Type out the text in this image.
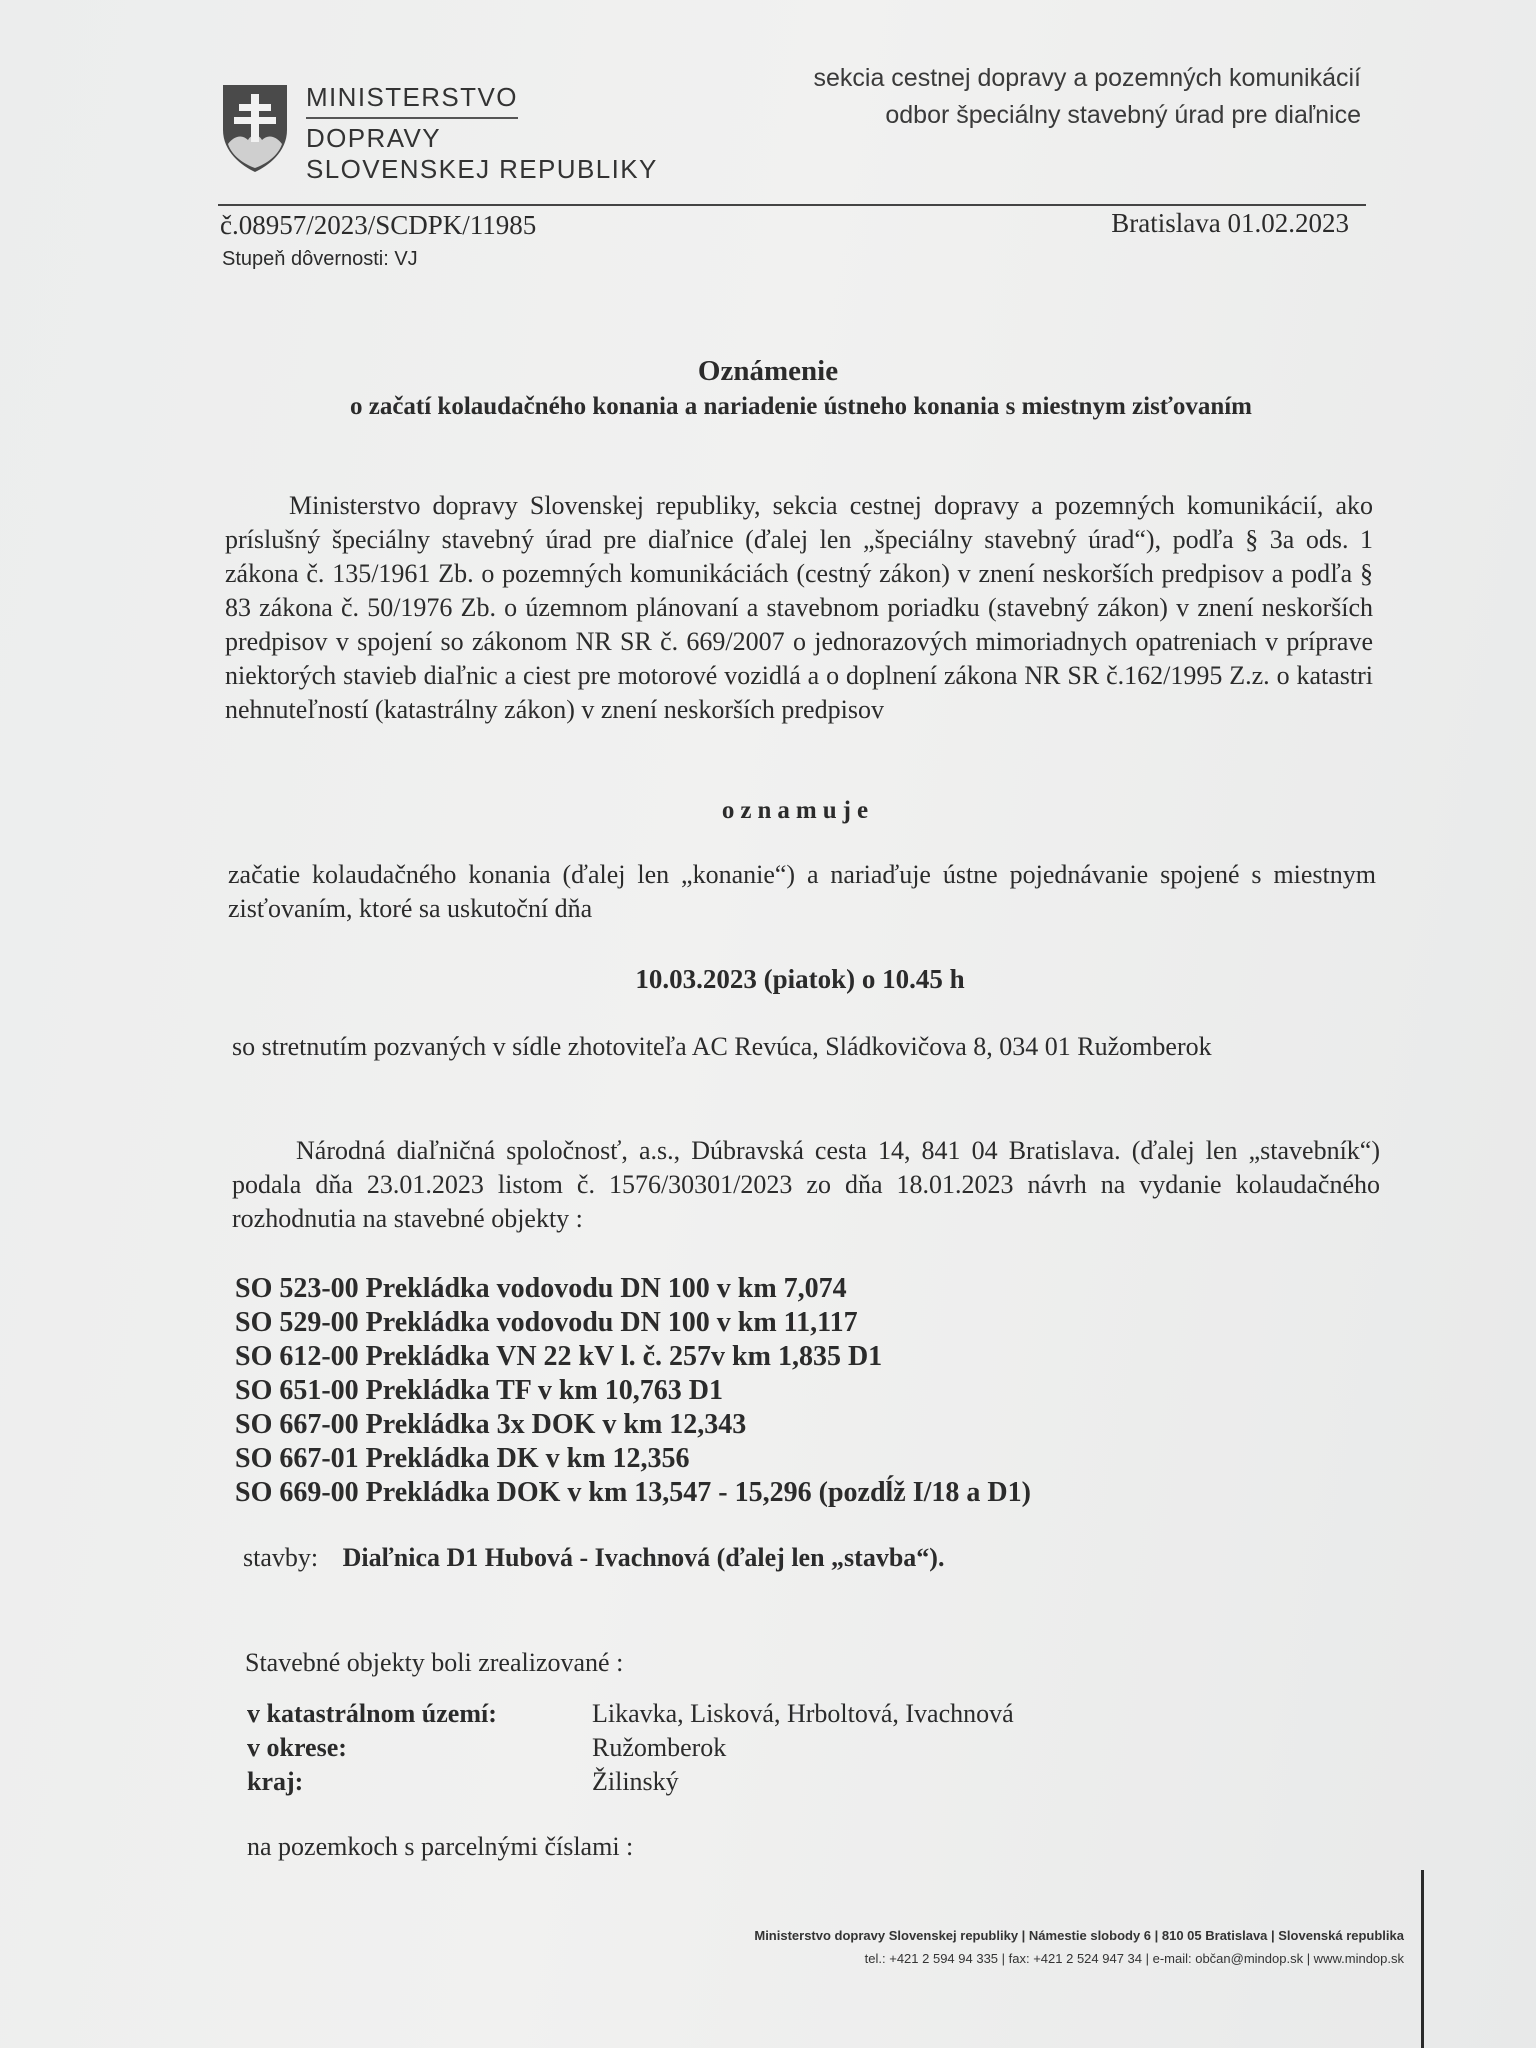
MINISTERSTVO
DOPRAVY
SLOVENSKEJ REPUBLIKY
sekcia cestnej dopravy a pozemných komunikácií
odbor špeciálny stavebný úrad pre diaľnice
č.08957/2023/SCDPK/11985	Bratislava 01.02.2023
Stupeň dôvernosti: VJ
Oznámenie
o začatí kolaudačného konania a nariadenie ústneho konania s miestnym zisťovaním
Ministerstvo dopravy Slovenskej republiky, sekcia cestnej dopravy a pozemných komunikácií, ako príslušný špeciálny stavebný úrad pre diaľnice (ďalej len „špeciálny stavebný úrad“), podľa § 3a ods. 1 zákona č. 135/1961 Zb. o pozemných komunikáciách (cestný zákon) v znení neskorších predpisov a podľa § 83 zákona č. 50/1976 Zb. o územnom plánovaní a stavebnom poriadku (stavebný zákon) v znení neskorších predpisov v spojení so zákonom NR SR č. 669/2007 o jednorazových mimoriadnych opatreniach v príprave niektorých stavieb diaľnic a ciest pre motorové vozidlá a o doplnení zákona NR SR č.162/1995 Z.z. o katastri nehnuteľností (katastrálny zákon) v znení neskorších predpisov
oznamuje
začatie kolaudačného konania (ďalej len „konanie“) a nariaďuje ústne pojednávanie spojené s miestnym zisťovaním, ktoré sa uskutoční dňa
10.03.2023 (piatok) o 10.45 h
so stretnutím pozvaných v sídle zhotoviteľa AC Revúca, Sládkovičova 8, 034 01 Ružomberok
Národná diaľničná spoločnosť, a.s., Dúbravská cesta 14, 841 04 Bratislava. (ďalej len „stavebník“) podala dňa 23.01.2023 listom č. 1576/30301/2023 zo dňa 18.01.2023 návrh na vydanie kolaudačného rozhodnutia na stavebné objekty :
SO 523-00 Prekládka vodovodu DN 100 v km 7,074
SO 529-00 Prekládka vodovodu DN 100 v km 11,117
SO 612-00 Prekládka VN 22 kV l. č. 257v km 1,835 D1
SO 651-00 Prekládka TF v km 10,763 D1
SO 667-00 Prekládka 3x DOK v km 12,343
SO 667-01 Prekládka DK v km 12,356
SO 669-00 Prekládka DOK v km 13,547 - 15,296 (pozdĺž I/18 a D1)
stavby: Diaľnica D1 Hubová - Ivachnová (ďalej len „stavba“).
Stavebné objekty boli zrealizované :
v katastrálnom území:	Likavka, Lisková, Hrboltová, Ivachnová
v okrese:	Ružomberok
kraj:	Žilinský
na pozemkoch s parcelnými číslami :
Ministerstvo dopravy Slovenskej republiky | Námestie slobody 6 | 810 05 Bratislava | Slovenská republika
tel.: +421 2 594 94 335 | fax: +421 2 524 947 34 | e-mail: občan@mindop.sk | www.mindop.sk
